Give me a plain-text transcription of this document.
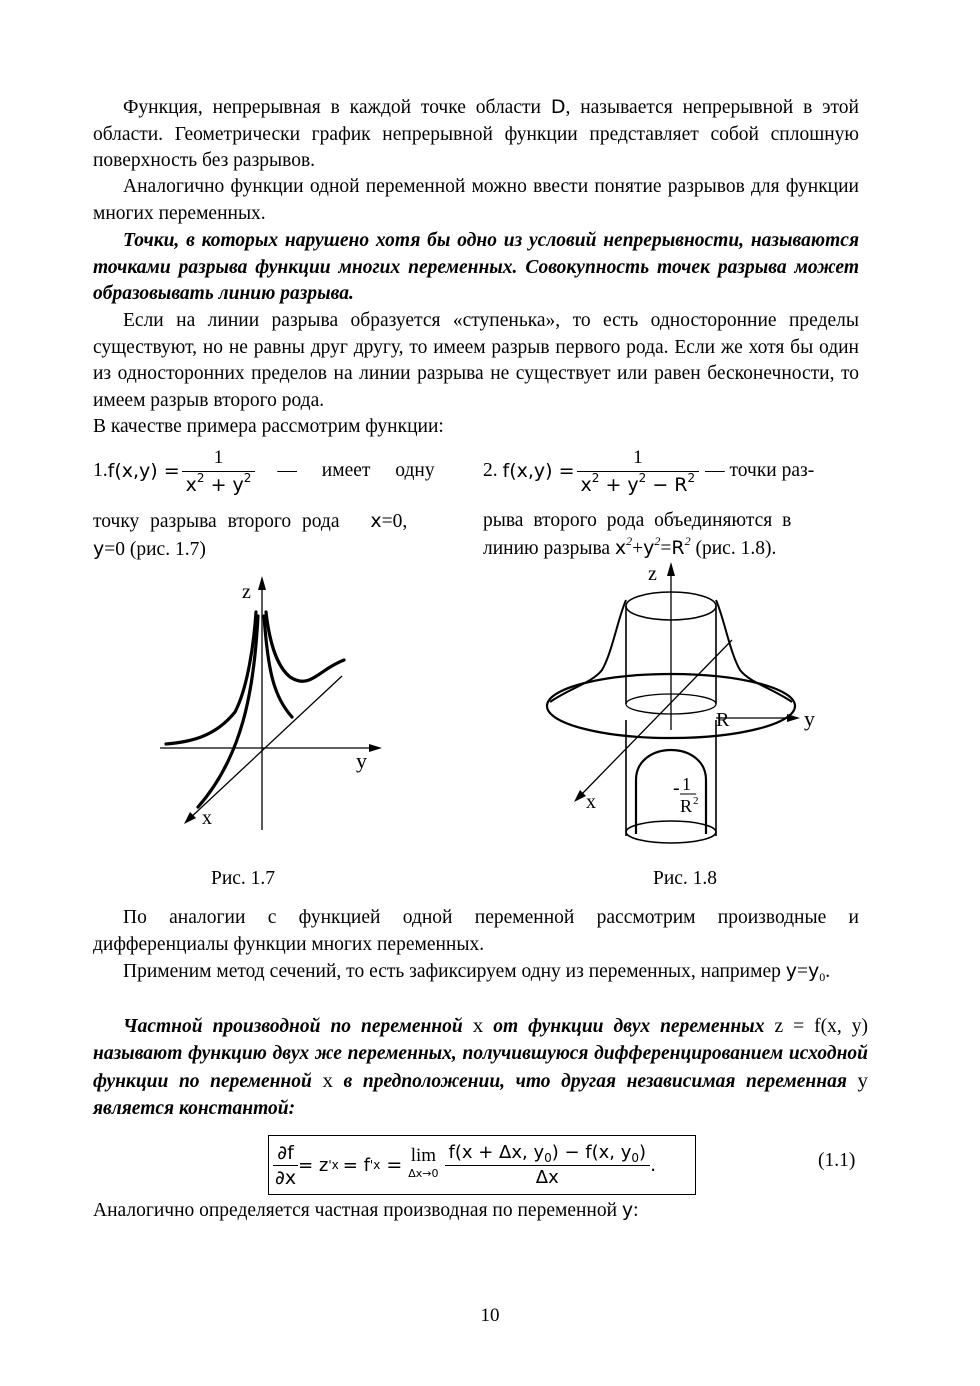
Функция, непрерывная в каждой точке области D, называется непрерывной в этой области. Геометрически график непрерывной функции представляет собой сплошную поверхность без разрывов.

Аналогично функции одной переменной можно ввести понятие разрывов для функции многих переменных.

Точки, в которых нарушено хотя бы одно из условий непрерывности, называются точками разрыва функции многих переменных. Совокупность точек разрыва может образовывать линию разрыва.

Если на линии разрыва образуется «ступенька», то есть односторонние пределы существуют, но не равны друг другу, то имеем разрыв первого рода. Если же хотя бы один из односторонних пределов на линии разрыва не существует или равен бесконечности, то имеем разрыв второго рода.

В качестве примера рассмотрим функции:

1. $f(x,y) = \frac{1}{x^2 + y^2}$ — имеет одну
точку разрыва второго рода x=0,
y=0 (рис. 1.7)
2.
$f(x,y) = \frac{1}{x^2 + y^2 - R^2}$ — точки раз-
рыва второго рода объединяются в
линию разрыва $x^2+y^2=R^2$ (рис. 1.8).
z
y
x
z
y
x
R
- 1
R 2
Рис. 1.7	Рис. 1.8

По аналогии с функцией одной переменной рассмотрим производные и дифференциалы функции многих переменных.

Применим метод сечений, то есть зафиксируем одну из переменных, например $y=y_0$.

Частной производной по переменной x от функции двух переменных z = f(x, y) называют функцию двух же переменных, получившуюся дифференцированием исходной функции по переменной x в предположении, что другая независимая переменная y является константой:

$\frac{\partial f}{\partial x} = z$ ' x = f ' x = lim
$\Delta x\to 0 \frac{f(x + \Delta x, y_0) - f(x, y_0)}{\Delta x}$ .	(1.1)

Аналогично определяется частная производная по переменной y:

10
